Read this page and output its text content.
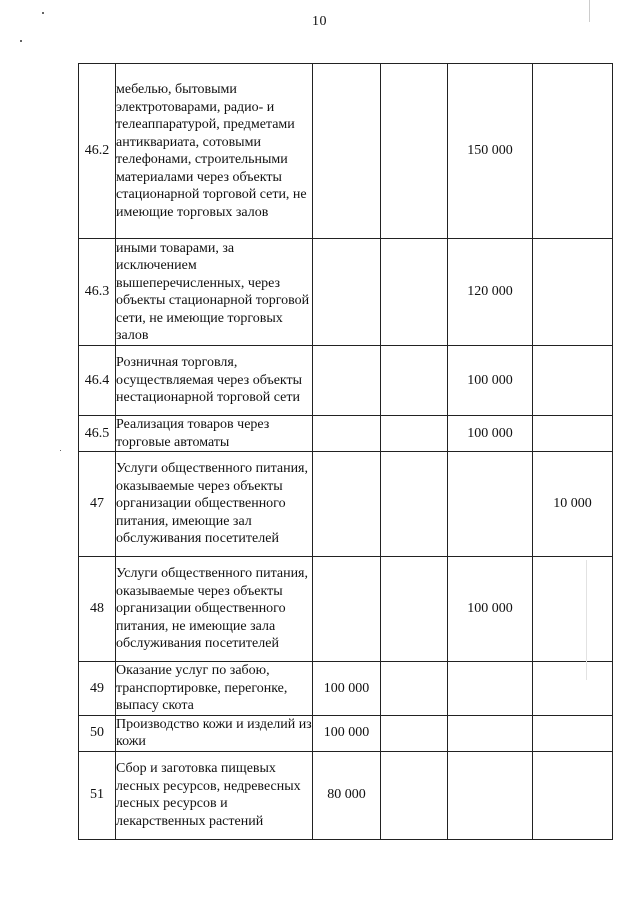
10
46.2	мебелью, бытовыми электротоварами, радио- и телеаппаратурой, предметами антиквариата, сотовыми телефонами, строительными материалами через объекты стационарной торговой сети, не имеющие торговых залов			150 000	
46.3	иными товарами, за исключением вышеперечисленных, через объекты стационарной торговой сети, не имеющие торговых залов			120 000	
46.4	Розничная торговля, осуществляемая через объекты нестационарной торговой сети			100 000	
46.5	Реализация товаров через торговые автоматы			100 000	
47	Услуги общественного питания, оказываемые через объекты организации общественного питания, имеющие зал обслуживания посетителей				10 000
48	Услуги общественного питания, оказываемые через объекты организации общественного питания, не имеющие зала обслуживания посетителей			100 000	
49	Оказание услуг по забою, транспортировке, перегонке, выпасу скота	100 000			
50	Производство кожи и изделий из кожи	100 000			
51	Сбор и заготовка пищевых лесных ресурсов, недревесных лесных ресурсов и лекарственных растений	80 000			
